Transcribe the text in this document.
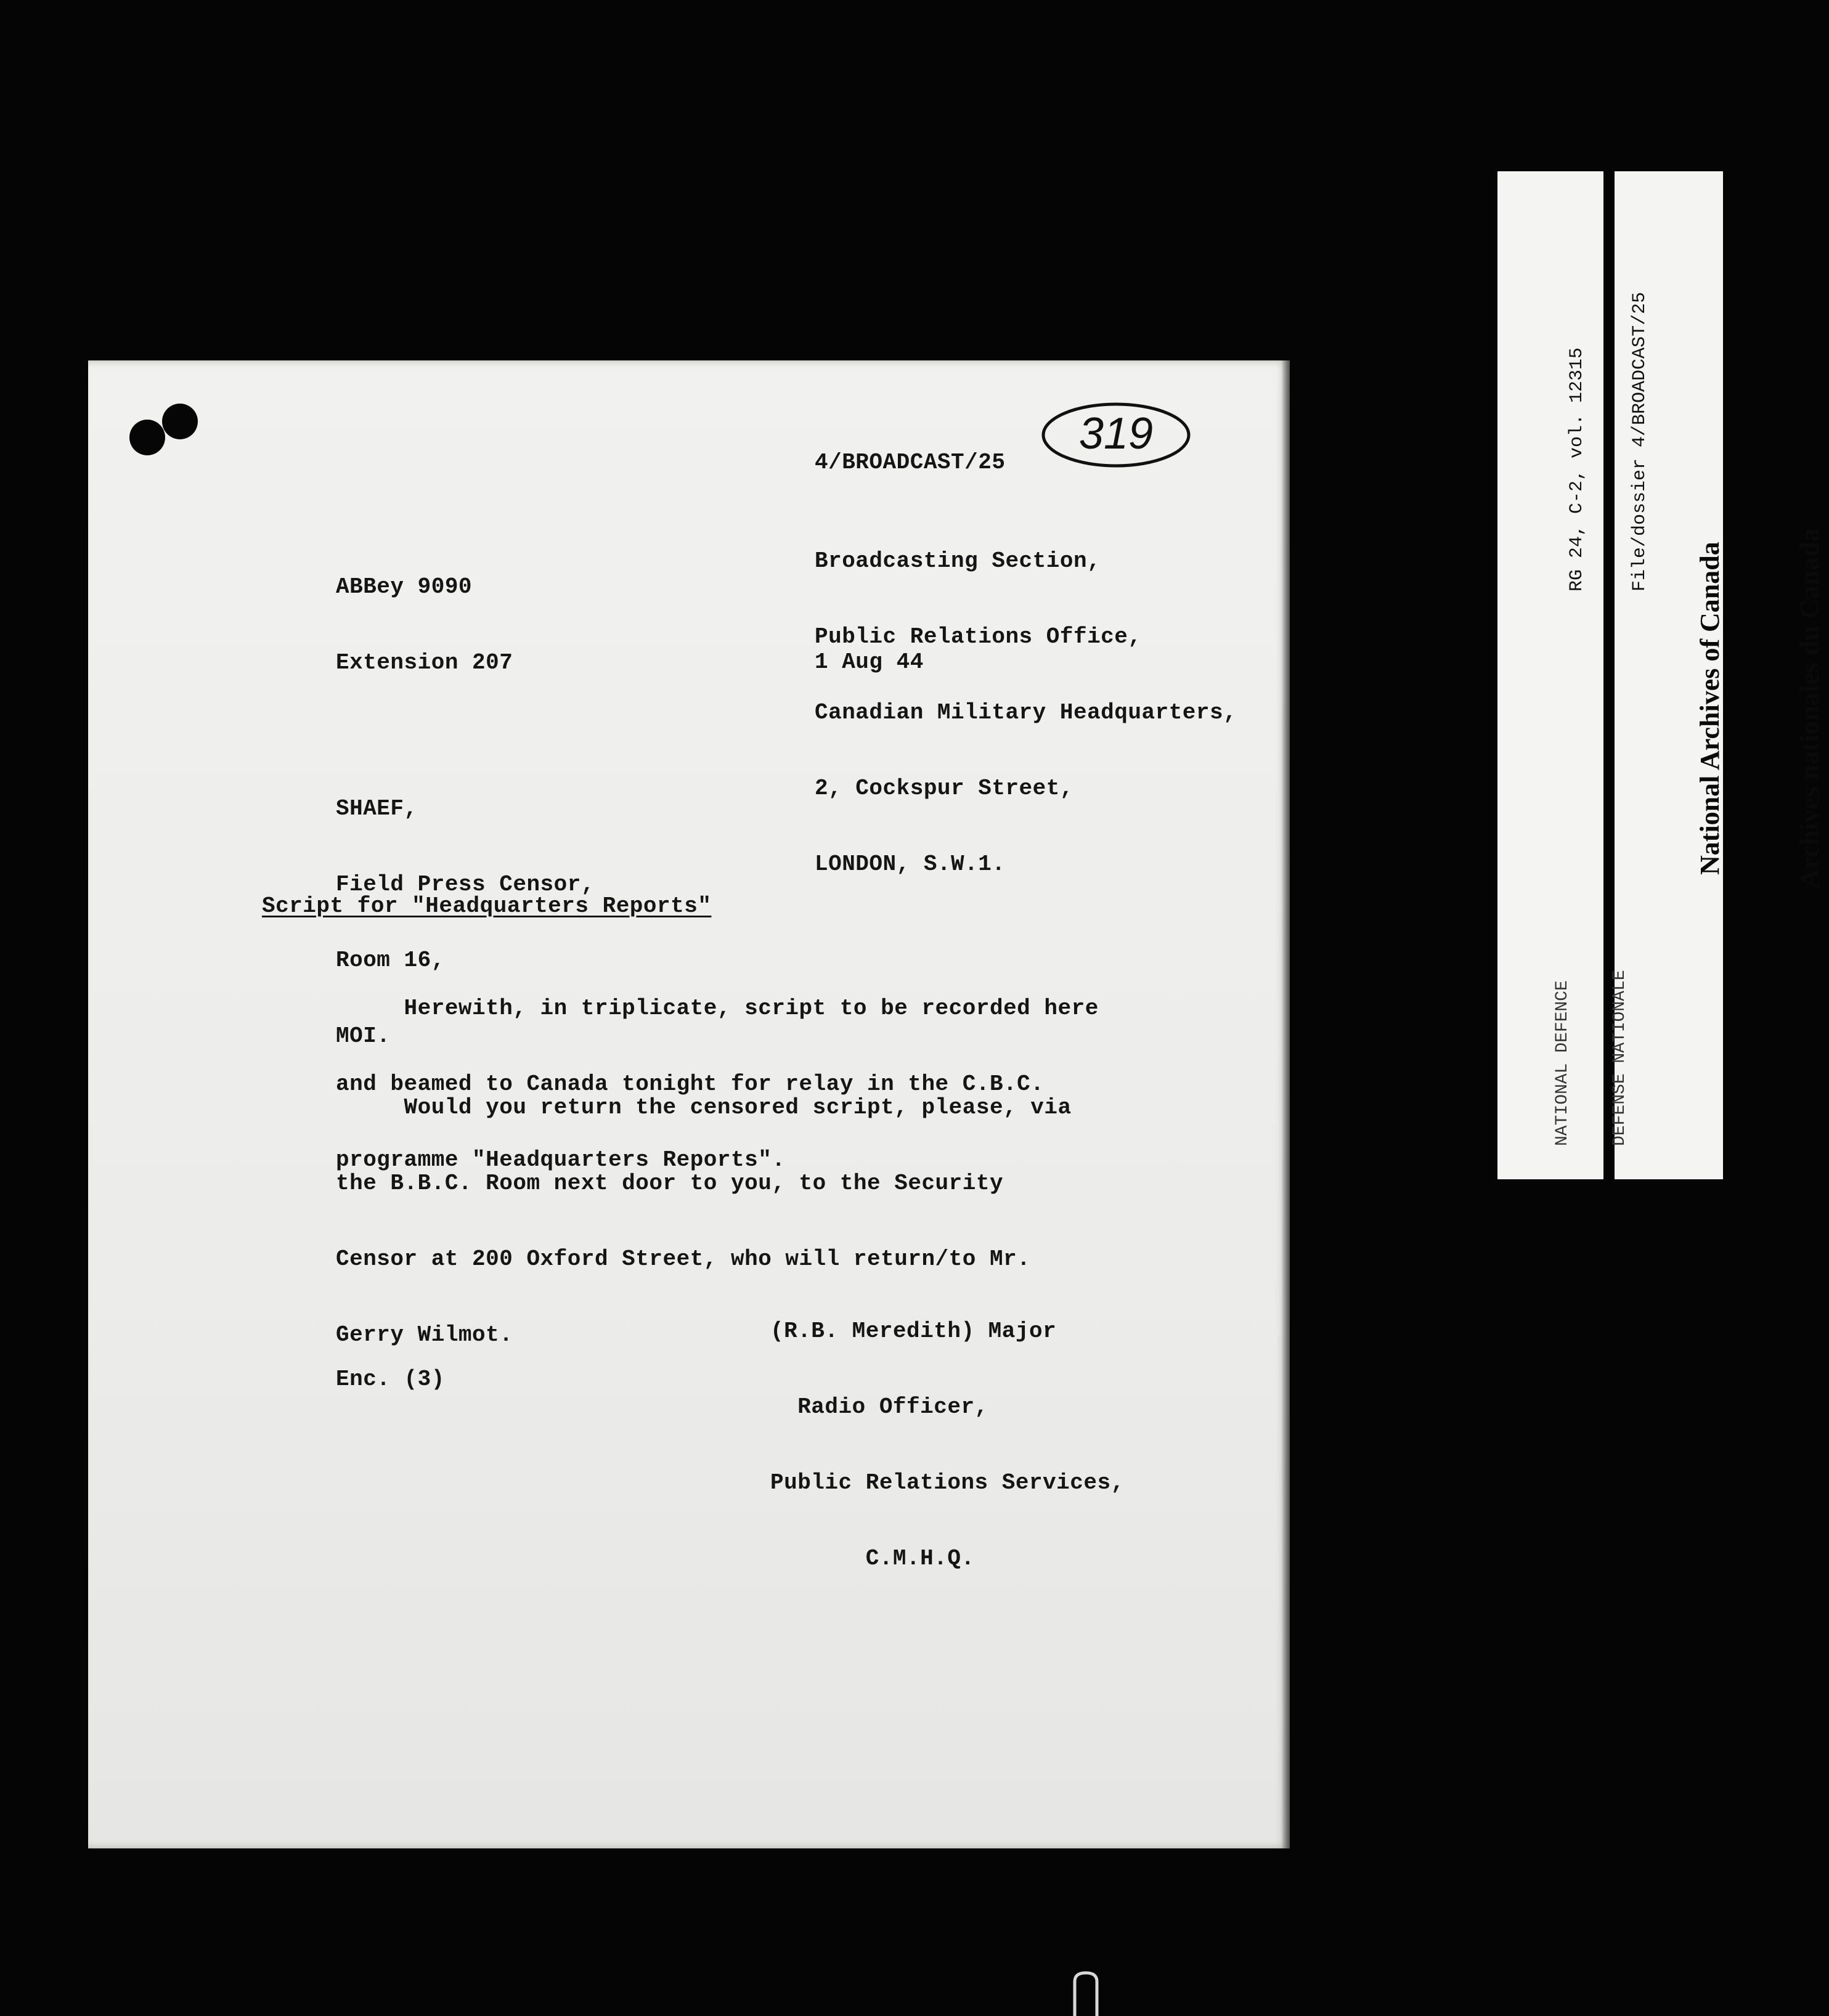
4/BROADCAST/25
319

ABBey 9090

Extension 207

Broadcasting Section,

Public Relations Office,

Canadian Military Headquarters,

2, Cockspur Street,

LONDON, S.W.1.

1 Aug 44

SHAEF,

Field Press Censor,

Room 16,

MOI.

Script for "Headquarters Reports"

Herewith, in triplicate, script to be recorded here

and beamed to Canada tonight for relay in the C.B.C.

programme "Headquarters Reports".

Would you return the censored script, please, via

the B.B.C. Room next door to you, to the Security

Censor at 200 Oxford Street, who will return/to Mr.

Gerry Wilmot.

	(R.B. Meredith) Major

Radio Officer,

Public Relations Services,

C.M.H.Q.

Enc. (3)

RG 24, C-2, vol. 12315

File/dossier 4/BROADCAST/25

NATIONAL DEFENCE

DEFENSE NATIONALE

National Archives of Canada

	Archives nationales du Canada
